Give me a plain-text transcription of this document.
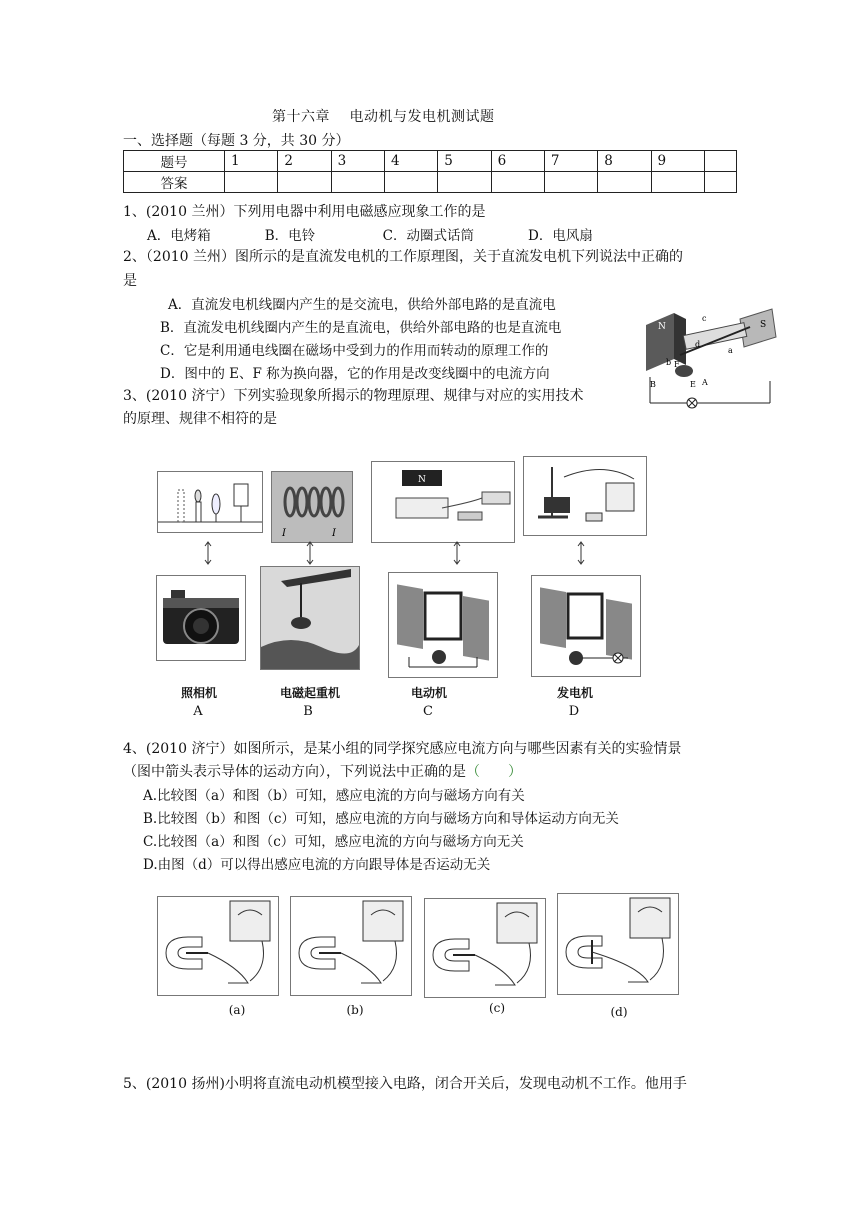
第十六章　 电动机与发电机测试题
一、选择题（每题 3 分，共 30 分）
题号	1	2	3	4	5	6	7	8	9	
答案										
1、(2010 兰州）下列用电器中利用电磁感应现象工作的是
A．电烤箱　　　　B．电铃　　　　　C．动圈式话筒　　　　D．电风扇
2、（2010 兰州）图所示的是直流发电机的工作原理图，关于直流发电机下列说法中正确的
是
A．直流发电机线圈内产生的是交流电，供给外部电路的是直流电
B．直流发电机线圈内产生的是直流电，供给外部电路的也是直流电
C．它是利用通电线圈在磁场中受到力的作用而转动的原理工作的
D．图中的 E、F 称为换向器，它的作用是改变线圈中的电流方向
N	S
c
d
a
b F
B	E A
3、(2010 济宁）下列实验现象所揭示的物理原理、规律与对应的实用技术
的原理、规律不相符的是
I	I
N
照相机	电磁起重机	电动机	发电机
A	B	C	D
4、(2010 济宁）如图所示，是某小组的同学探究感应电流方向与哪些因素有关的实验情景
（图中箭头表示导体的运动方向），下列说法中正确的是（　　）
A.比较图（a）和图（b）可知，感应电流的方向与磁场方向有关
B.比较图（b）和图（c）可知，感应电流的方向与磁场方向和导体运动方向无关
C.比较图（a）和图（c）可知，感应电流的方向与磁场方向无关
D.由图（d）可以得出感应电流的方向跟导体是否运动无关
(a)	(b)	(c)	(d)
5、(2010 扬州)小明将直流电动机模型接入电路，闭合开关后，发现电动机不工作。他用手
